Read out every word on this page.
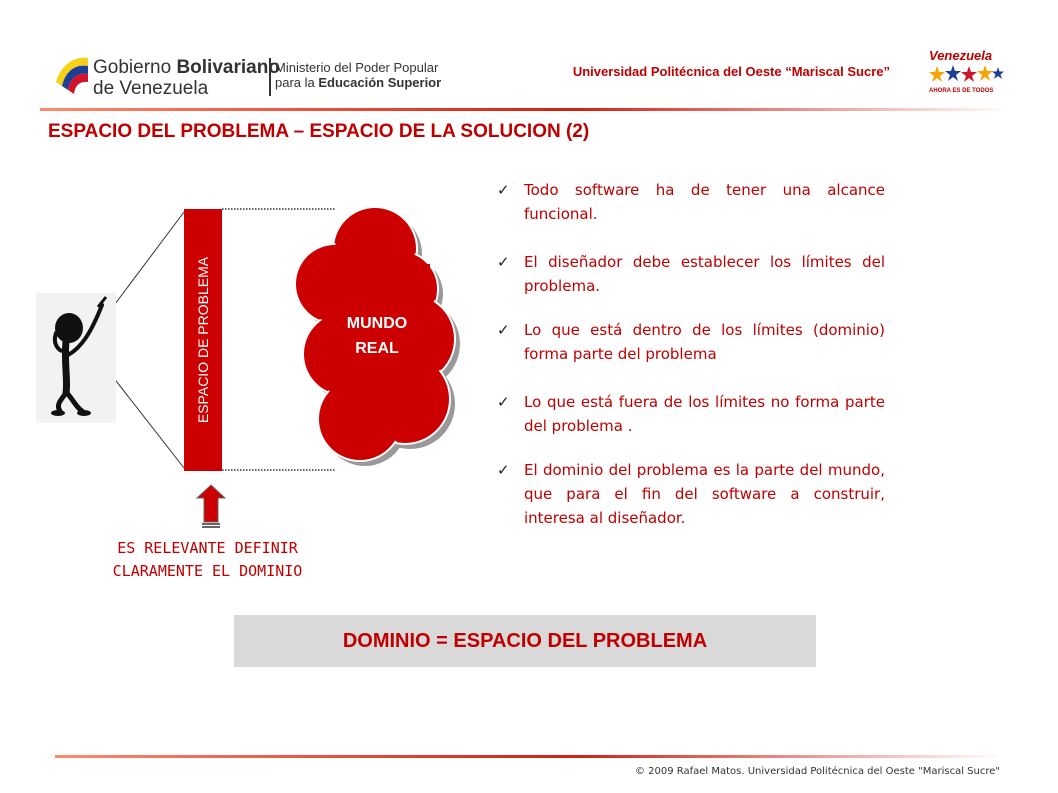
Gobierno Bolivariano
de Venezuela
Ministerio del Poder Popular
para la Educación Superior
Universidad Politécnica del Oeste “Mariscal Sucre”
Venezuela
AHORA ES DE TODOS
ESPACIO DEL PROBLEMA – ESPACIO DE LA SOLUCION (2)
ESPACIO DE PROBLEMA	MUNDO
REAL
ES RELEVANTE DEFINIR
CLARAMENTE EL DOMINIO
✓ Todo software ha de tener una alcance funcional.
✓ El diseñador debe establecer los límites del problema.
✓ Lo que está dentro de los límites (dominio) forma parte del problema
✓ Lo que está fuera de los límites no forma parte del problema .
✓ El dominio del problema es la parte del mundo, que para el fin del software a construir, interesa al diseñador.
DOMINIO = ESPACIO DEL PROBLEMA
© 2009 Rafael Matos. Universidad Politécnica del Oeste "Mariscal Sucre"
